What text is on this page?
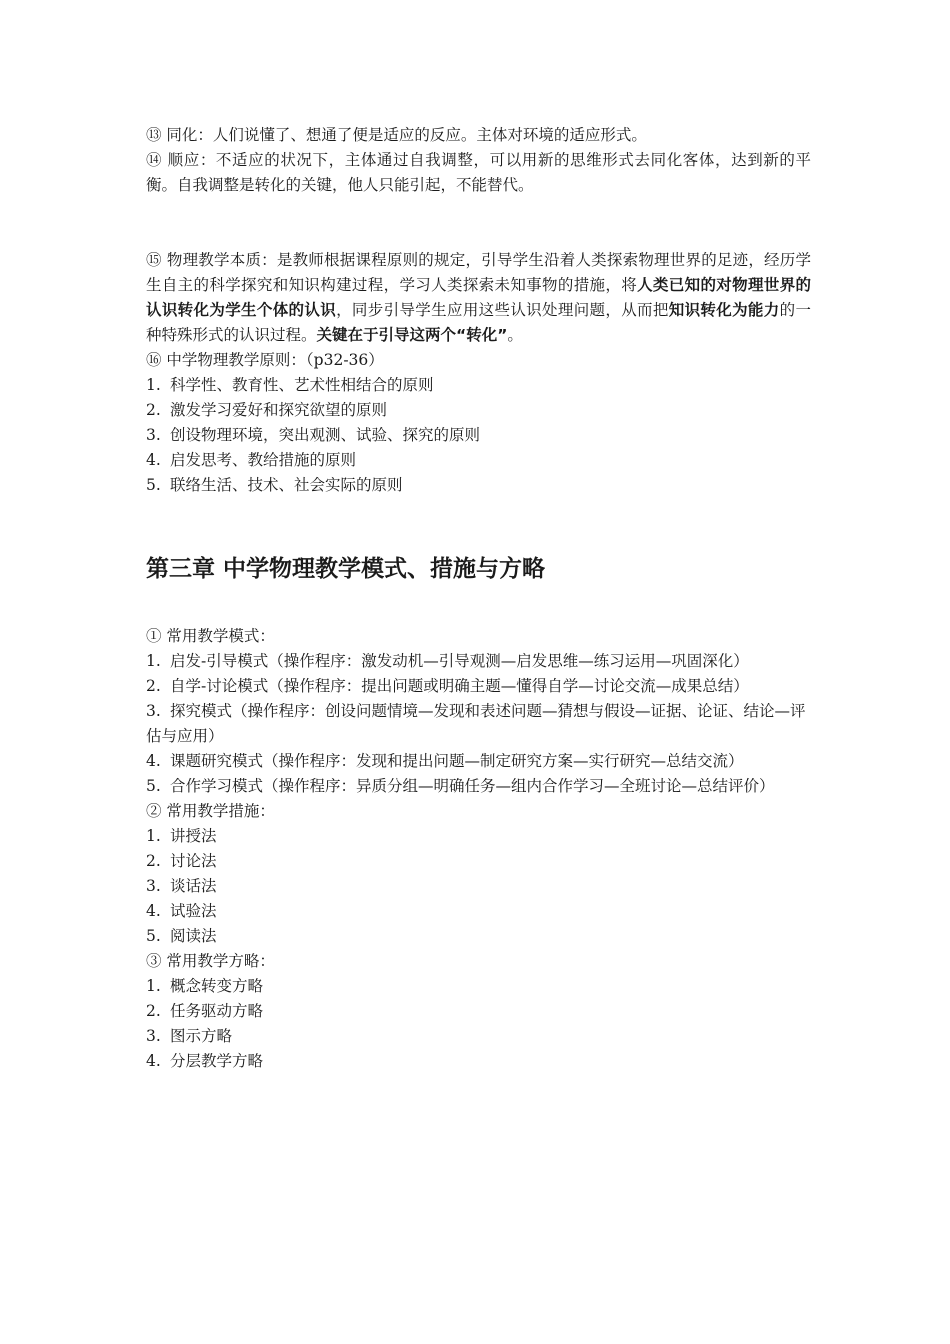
⑬ 同化：人们说懂了、想通了便是适应的反应。主体对环境的适应形式。

⑭ 顺应：不适应的状况下，主体通过自我调整，可以用新的思维形式去同化客体，达到新的平衡。自我调整是转化的关键，他人只能引起，不能替代。

⑮ 物理教学本质：是教师根据课程原则的规定，引导学生沿着人类探索物理世界的足迹，经历学生自主的科学探究和知识构建过程，学习人类探索未知事物的措施，将人类已知的对物理世界的认识转化为学生个体的认识，同步引导学生应用这些认识处理问题，从而把知识转化为能力的一种特殊形式的认识过程。关键在于引导这两个“转化”。

⑯ 中学物理教学原则：（p32-36）

1. 科学性、教育性、艺术性相结合的原则
2. 激发学习爱好和探究欲望的原则
3. 创设物理环境，突出观测、试验、探究的原则
4. 启发思考、教给措施的原则
5. 联络生活、技术、社会实际的原则
第三章 中学物理教学模式、措施与方略

① 常用教学模式：

1. 启发-引导模式（操作程序：激发动机—引导观测—启发思维—练习运用—巩固深化）
2. 自学-讨论模式（操作程序：提出问题或明确主题—懂得自学—讨论交流—成果总结）
3. 探究模式（操作程序：创设问题情境—发现和表述问题—猜想与假设—证据、论证、结论—评估与应用）
4. 课题研究模式（操作程序：发现和提出问题—制定研究方案—实行研究—总结交流）
5. 合作学习模式（操作程序：异质分组—明确任务—组内合作学习—全班讨论—总结评价）

② 常用教学措施：

1. 讲授法
2. 讨论法
3. 谈话法
4. 试验法
5. 阅读法

③ 常用教学方略：

1. 概念转变方略
2. 任务驱动方略
3. 图示方略
4. 分层教学方略
